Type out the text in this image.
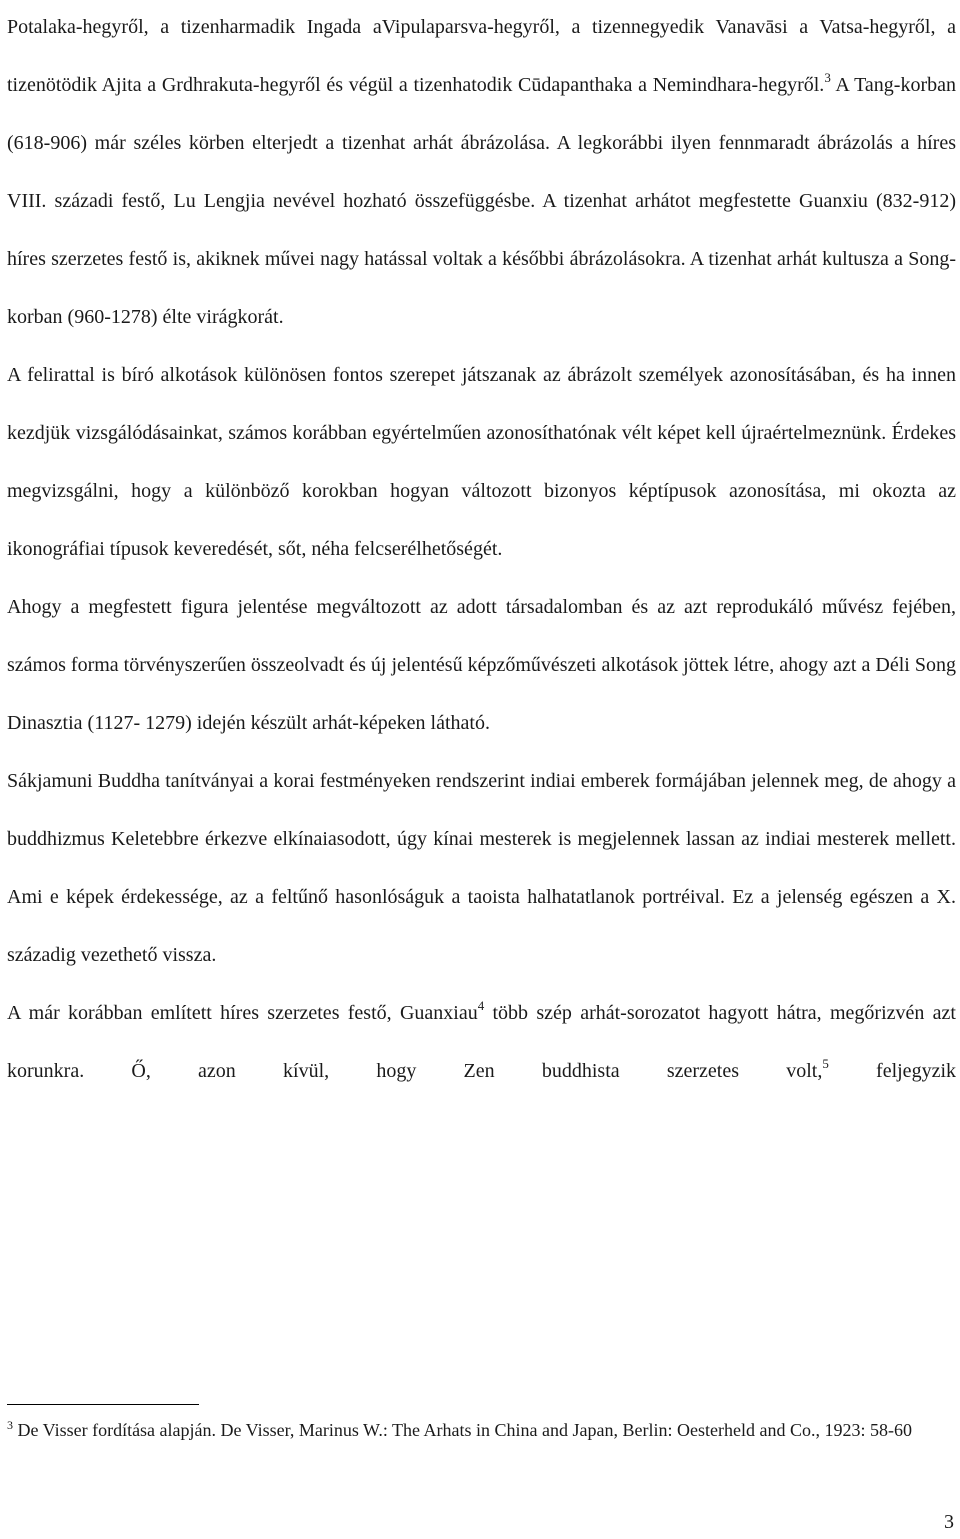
Potalaka-hegyről, a tizenharmadik Ingada aVipulaparsva-hegyről, a tizennegyedik Vanavāsi a Vatsa-hegyről, a tizenötödik Ajita a Grdhrakuta-hegyről és végül a tizenhatodik Cūdapanthaka a Nemindhara-hegyről.$^3$ A Tang-korban (618-906) már széles körben elterjedt a tizenhat arhát ábrázolása. A legkorábbi ilyen fennmaradt ábrázolás a híres VIII. századi festő, Lu Lengjia nevével hozható összefüggésbe. A tizenhat arhátot megfestette Guanxiu (832-912) híres szerzetes festő is, akiknek művei nagy hatással voltak a későbbi ábrázolásokra. A tizenhat arhát kultusza a Song-korban (960-1278) élte virágkorát.

A felirattal is bíró alkotások különösen fontos szerepet játszanak az ábrázolt személyek azonosításában, és ha innen kezdjük vizsgálódásainkat, számos korábban egyértelműen azonosíthatónak vélt képet kell újraértelmeznünk. Érdekes megvizsgálni, hogy a különböző korokban hogyan változott bizonyos képtípusok azonosítása, mi okozta az ikonográfiai típusok keveredését, sőt, néha felcserélhetőségét.

Ahogy a megfestett figura jelentése megváltozott az adott társadalomban és az azt reprodukáló művész fejében, számos forma törvényszerűen összeolvadt és új jelentésű képzőművészeti alkotások jöttek létre, ahogy azt a Déli Song Dinasztia (1127- 1279) idején készült arhát-képeken látható.

Sákjamuni Buddha tanítványai a korai festményeken rendszerint indiai emberek formájában jelennek meg, de ahogy a buddhizmus Keletebbre érkezve elkínaiasodott, úgy kínai mesterek is megjelennek lassan az indiai mesterek mellett. Ami e képek érdekessége, az a feltűnő hasonlóságuk a taoista halhatatlanok portréival. Ez a jelenség egészen a X. századig vezethető vissza.

A már korábban említett híres szerzetes festő, Guanxiau$^4$ több szép arhát-sorozatot hagyott hátra, megőrizvén azt korunkra. Ő, azon kívül, hogy Zen buddhista szerzetes volt,$^5$ feljegyzik

$^3$ De Visser fordítása alapján. De Visser, Marinus W.: The Arhats in China and Japan, Berlin: Oesterheld and Co., 1923: 58-60
3
